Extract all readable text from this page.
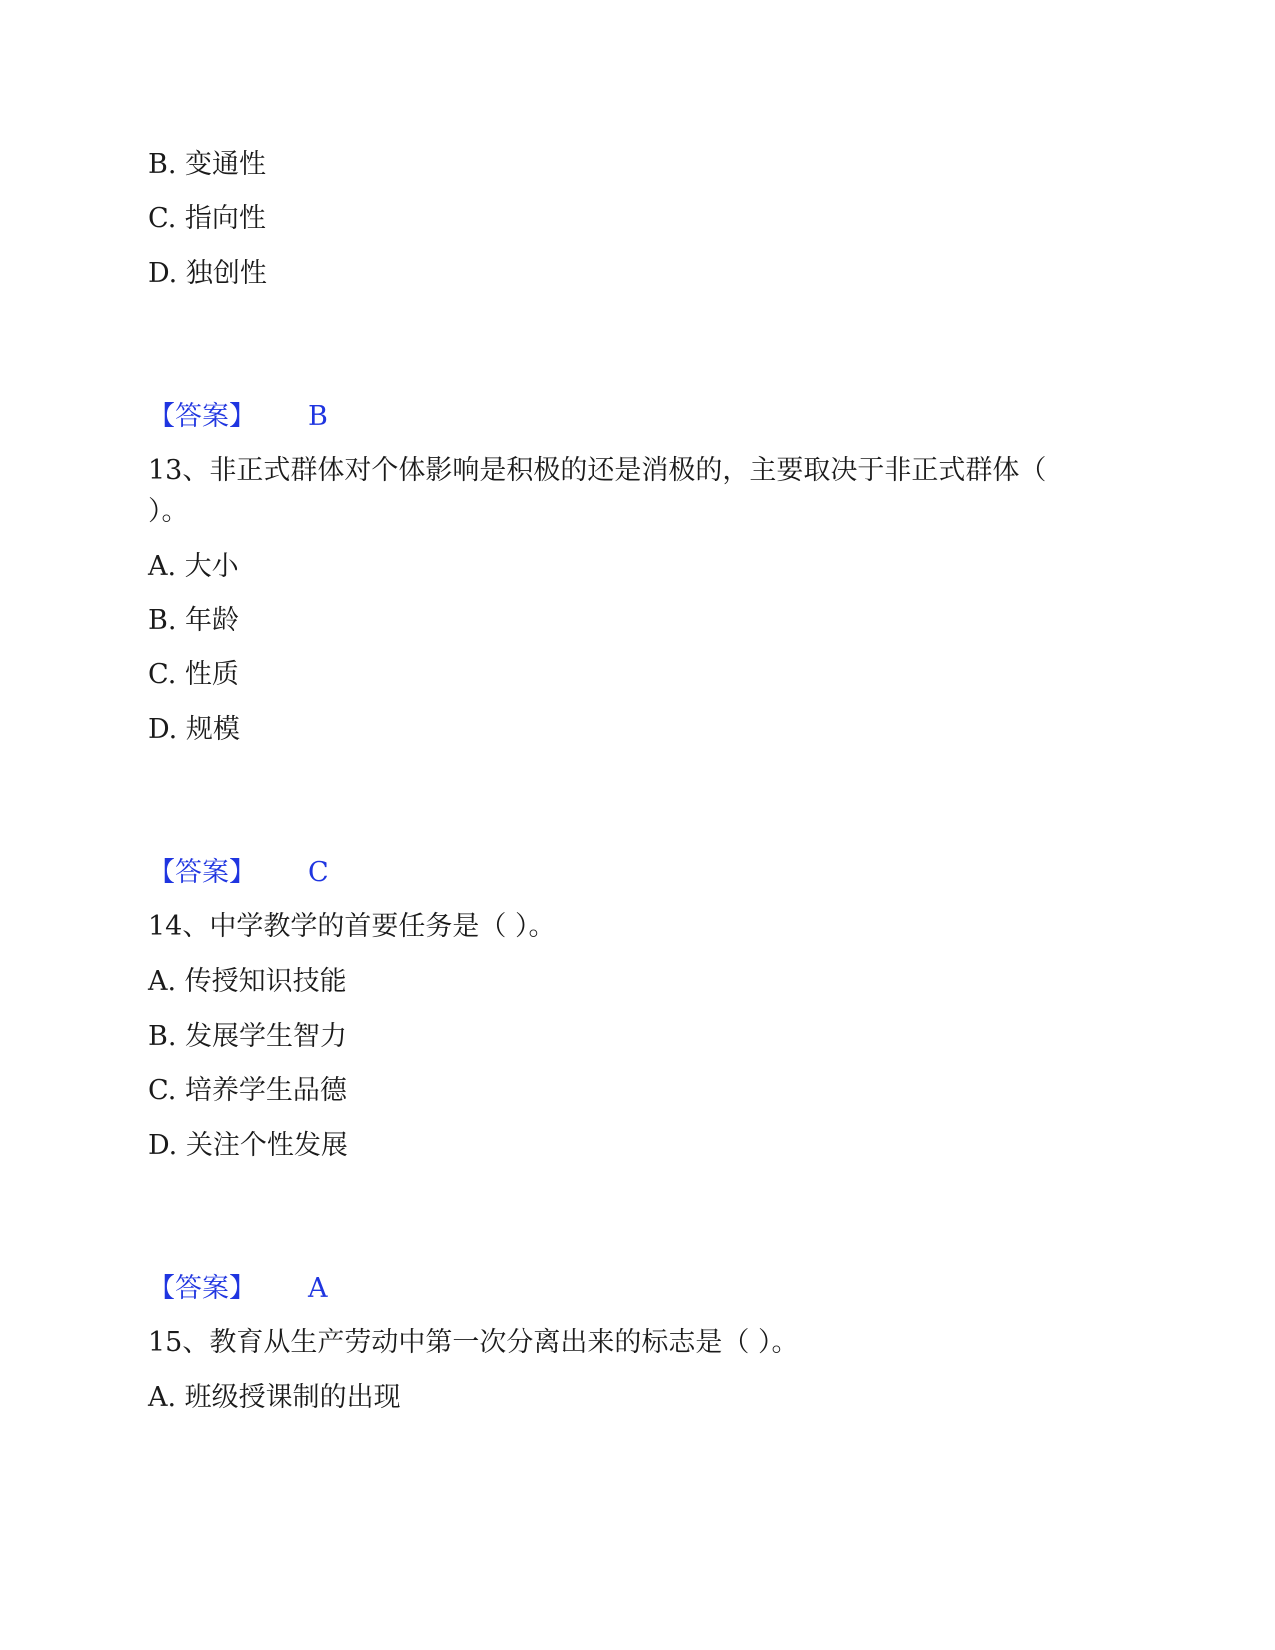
B. 变通性
C. 指向性
D. 独创性
【答案】 B
13、非正式群体对个体影响是积极的还是消极的，主要取决于非正式群体（
）。
A. 大小
B. 年龄
C. 性质
D. 规模
【答案】 C
14、中学教学的首要任务是（ ）。
A. 传授知识技能
B. 发展学生智力
C. 培养学生品德
D. 关注个性发展
【答案】 A
15、教育从生产劳动中第一次分离出来的标志是（ ）。
A. 班级授课制的出现
